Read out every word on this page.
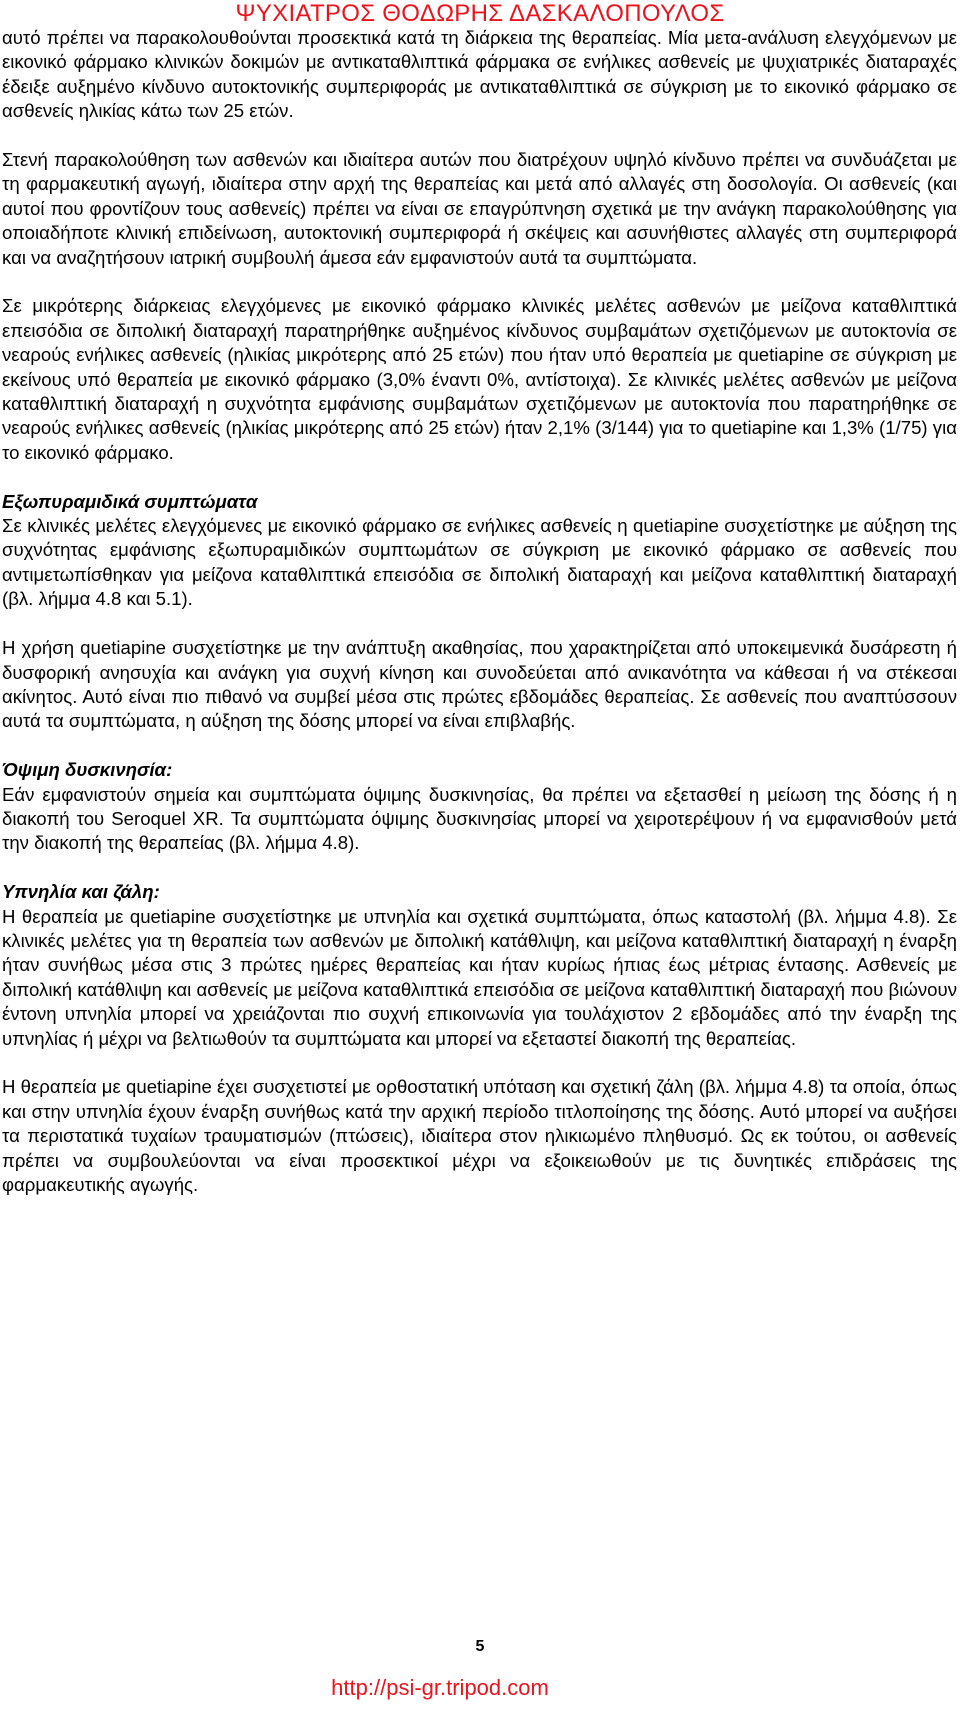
ΨΥΧΙΑΤΡΟΣ ΘΟΔΩΡΗΣ ΔΑΣΚΑΛΟΠΟΥΛΟΣ

αυτό πρέπει να παρακολουθούνται προσεκτικά κατά τη διάρκεια της θεραπείας. Μία μετα-ανάλυση ελεγχόμενων με εικονικό φάρμακο κλινικών δοκιμών με αντικαταθλιπτικά φάρμακα σε ενήλικες ασθενείς με ψυχιατρικές διαταραχές έδειξε αυξημένο κίνδυνο αυτοκτονικής συμπεριφοράς με αντικαταθλιπτικά σε σύγκριση με το εικονικό φάρμακο σε ασθενείς ηλικίας κάτω των 25 ετών.

Στενή παρακολούθηση των ασθενών και ιδιαίτερα αυτών που διατρέχουν υψηλό κίνδυνο πρέπει να συνδυάζεται με τη φαρμακευτική αγωγή, ιδιαίτερα στην αρχή της θεραπείας και μετά από αλλαγές στη δοσολογία. Οι ασθενείς (και αυτοί που φροντίζουν τους ασθενείς) πρέπει να είναι σε επαγρύπνηση σχετικά με την ανάγκη παρακολούθησης για οποιαδήποτε κλινική επιδείνωση, αυτοκτονική συμπεριφορά ή σκέψεις και ασυνήθιστες αλλαγές στη συμπεριφορά και να αναζητήσουν ιατρική συμβουλή άμεσα εάν εμφανιστούν αυτά τα συμπτώματα.

Σε μικρότερης διάρκειας ελεγχόμενες με εικονικό φάρμακο κλινικές μελέτες ασθενών με μείζονα καταθλιπτικά επεισόδια σε διπολική διαταραχή παρατηρήθηκε αυξημένος κίνδυνος συμβαμάτων σχετιζόμενων με αυτοκτονία σε νεαρούς ενήλικες ασθενείς (ηλικίας μικρότερης από 25 ετών) που ήταν υπό θεραπεία με quetiapine σε σύγκριση με εκείνους υπό θεραπεία με εικονικό φάρμακο (3,0% έναντι 0%, αντίστοιχα). Σε κλινικές μελέτες ασθενών με μείζονα καταθλιπτική διαταραχή η συχνότητα εμφάνισης συμβαμάτων σχετιζόμενων με αυτοκτονία που παρατηρήθηκε σε νεαρούς ενήλικες ασθενείς (ηλικίας μικρότερης από 25 ετών) ήταν 2,1% (3/144) για το quetiapine και 1,3% (1/75) για το εικονικό φάρμακο.

Εξωπυραμιδικά συμπτώματα

Σε κλινικές μελέτες ελεγχόμενες με εικονικό φάρμακο σε ενήλικες ασθενείς η quetiapine συσχετίστηκε με αύξηση της συχνότητας εμφάνισης εξωπυραμιδικών συμπτωμάτων σε σύγκριση με εικονικό φάρμακο σε ασθενείς που αντιμετωπίσθηκαν για μείζονα καταθλιπτικά επεισόδια σε διπολική διαταραχή και μείζονα καταθλιπτική διαταραχή (βλ. λήμμα 4.8 και 5.1).

Η χρήση quetiapine συσχετίστηκε με την ανάπτυξη ακαθησίας, που χαρακτηρίζεται από υποκειμενικά δυσάρεστη ή δυσφορική ανησυχία και ανάγκη για συχνή κίνηση και συνοδεύεται από ανικανότητα να κάθεσαι ή να στέκεσαι ακίνητος. Αυτό είναι πιο πιθανό να συμβεί μέσα στις πρώτες εβδομάδες θεραπείας. Σε ασθενείς που αναπτύσσουν αυτά τα συμπτώματα, η αύξηση της δόσης μπορεί να είναι επιβλαβής.

Όψιμη δυσκινησία:

Εάν εμφανιστούν σημεία και συμπτώματα όψιμης δυσκινησίας, θα πρέπει να εξετασθεί η μείωση της δόσης ή η διακοπή του Seroquel XR. Τα συμπτώματα όψιμης δυσκινησίας μπορεί να χειροτερέψουν ή να εμφανισθούν μετά την διακοπή της θεραπείας (βλ. λήμμα 4.8).

Υπνηλία και ζάλη:

Η θεραπεία με quetiapine συσχετίστηκε με υπνηλία και σχετικά συμπτώματα, όπως καταστολή (βλ. λήμμα 4.8). Σε κλινικές μελέτες για τη θεραπεία των ασθενών με διπολική κατάθλιψη, και μείζονα καταθλιπτική διαταραχή η έναρξη ήταν συνήθως μέσα στις 3 πρώτες ημέρες θεραπείας και ήταν κυρίως ήπιας έως μέτριας έντασης. Ασθενείς με διπολική κατάθλιψη και ασθενείς με μείζονα καταθλιπτικά επεισόδια σε μείζονα καταθλιπτική διαταραχή που βιώνουν έντονη υπνηλία μπορεί να χρειάζονται πιο συχνή επικοινωνία για τουλάχιστον 2 εβδομάδες από την έναρξη της υπνηλίας ή μέχρι να βελτιωθούν τα συμπτώματα και μπορεί να εξεταστεί διακοπή της θεραπείας.

Η θεραπεία με quetiapine έχει συσχετιστεί με ορθοστατική υπόταση και σχετική ζάλη (βλ. λήμμα 4.8) τα οποία, όπως και στην υπνηλία έχουν έναρξη συνήθως κατά την αρχική περίοδο τιτλοποίησης της δόσης. Αυτό μπορεί να αυξήσει τα περιστατικά τυχαίων τραυματισμών (πτώσεις), ιδιαίτερα στον ηλικιωμένο πληθυσμό. Ως εκ τούτου, οι ασθενείς πρέπει να συμβουλεύονται να είναι προσεκτικοί μέχρι να εξοικειωθούν με τις δυνητικές επιδράσεις της φαρμακευτικής αγωγής.

5
http://psi-gr.tripod.com
